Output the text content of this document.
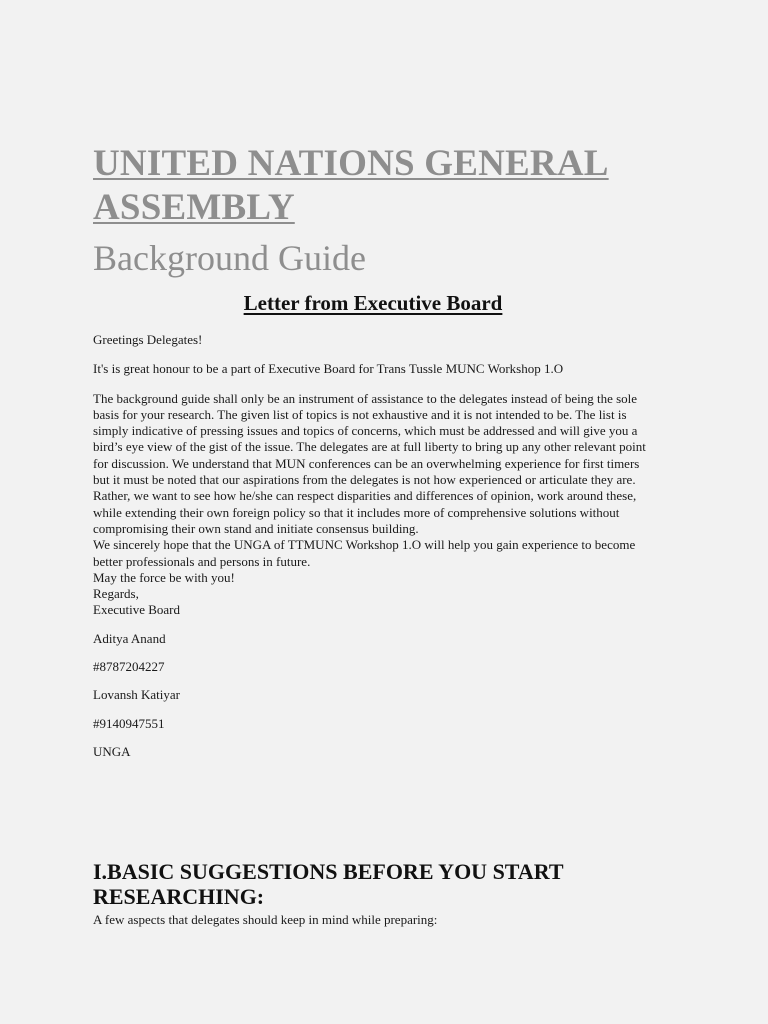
UNITED NATIONS GENERAL ASSEMBLY
Background Guide
Letter from Executive Board

Greetings Delegates!

It's is great honour to be a part of Executive Board for Trans Tussle MUNC Workshop 1.O

The background guide shall only be an instrument of assistance to the delegates instead of being the sole basis for your research. The given list of topics is not exhaustive and it is not intended to be. The list is simply indicative of pressing issues and topics of concerns, which must be addressed and will give you a bird’s eye view of the gist of the issue. The delegates are at full liberty to bring up any other relevant point for discussion. We understand that MUN conferences can be an overwhelming experience for first timers but it must be noted that our aspirations from the delegates is not how experienced or articulate they are. Rather, we want to see how he/she can respect disparities and differences of opinion, work around these, while extending their own foreign policy so that it includes more of comprehensive solutions without compromising their own stand and initiate consensus building.

We sincerely hope that the UNGA of TTMUNC Workshop 1.O will help you gain experience to become better professionals and persons in future.

May the force be with you!

Regards,

Executive Board

Aditya Anand

#8787204227

Lovansh Katiyar

#9140947551

UNGA

I.BASIC SUGGESTIONS BEFORE YOU START RESEARCHING:

A few aspects that delegates should keep in mind while preparing:
